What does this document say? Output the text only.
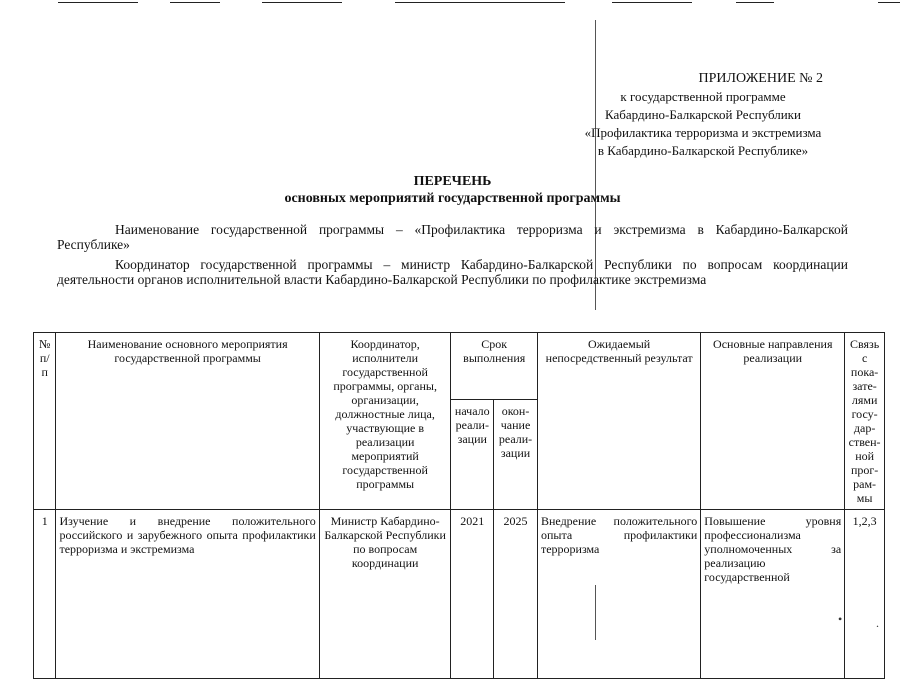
ПРИЛОЖЕНИЕ № 2
к государственной программе
Кабардино-Балкарской Республики
«Профилактика терроризма и экстремизма
в Кабардино-Балкарской Республике»
ПЕРЕЧЕНЬ
основных мероприятий государственной программы
Наименование государственной программы – «Профилактика терроризма и экстремизма в Кабардино-Балкарской Республике»
Координатор государственной программы – министр Кабардино-Балкарской Республики по вопросам координации деятельности органов исполнительной власти Кабардино-Балкарской Республики по профилактике экстремизма
№ п/п	Наименование основного мероприятия государственной программы	Координатор, исполнители государственной программы, органы, организации, должностные лица, участвующие в реализации мероприятий государственной программы	Срок выполнения		Ожидаемый непосредственный результат	Основные направления реализации	Связь с пока-зате-лями госу-дар-ствен-ной прог-рам-мы
			начало реали-зации	окон-чание реали-зации			
1	Изучение и внедрение положительного российского и зарубежного опыта профилактики терроризма и экстремизма	Министр Кабардино-Балкарской Республики по вопросам координации	2021	2025	Внедрение положительного опыта профилактики терроризма	Повышение уровня профессионализма уполномоченных за реализацию государственной	1,2,3
•	.
